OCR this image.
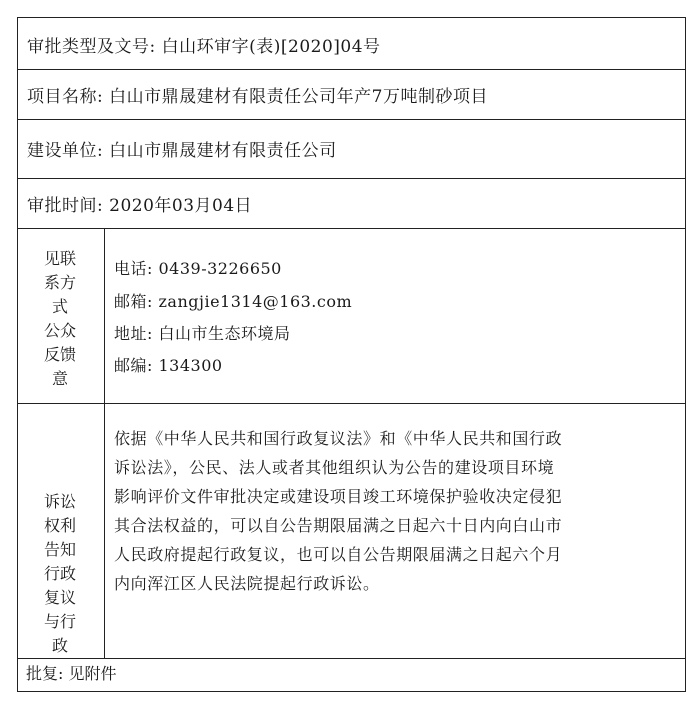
审批类型及文号: 白山环审字(表)[2020]04号
项目名称: 白山市鼎晟建材有限责任公司年产7万吨制砂项目
建设单位: 白山市鼎晟建材有限责任公司
审批时间: 2020年03月04日
见联
系方
式
公众
反馈
意
电话: 0439-3226650
邮箱: zangjie1314@163.com
地址: 白山市生态环境局
邮编: 134300
诉讼
权利
告知
行政
复议
与行
政
依据《中华人民共和国行政复议法》和《中华人民共和国行政
诉讼法》，公民、法人或者其他组织认为公告的建设项目环境
影响评价文件审批决定或建设项目竣工环境保护验收决定侵犯
其合法权益的，可以自公告期限届满之日起六十日内向白山市
人民政府提起行政复议，也可以自公告期限届满之日起六个月
内向浑江区人民法院提起行政诉讼。
批复: 见附件
